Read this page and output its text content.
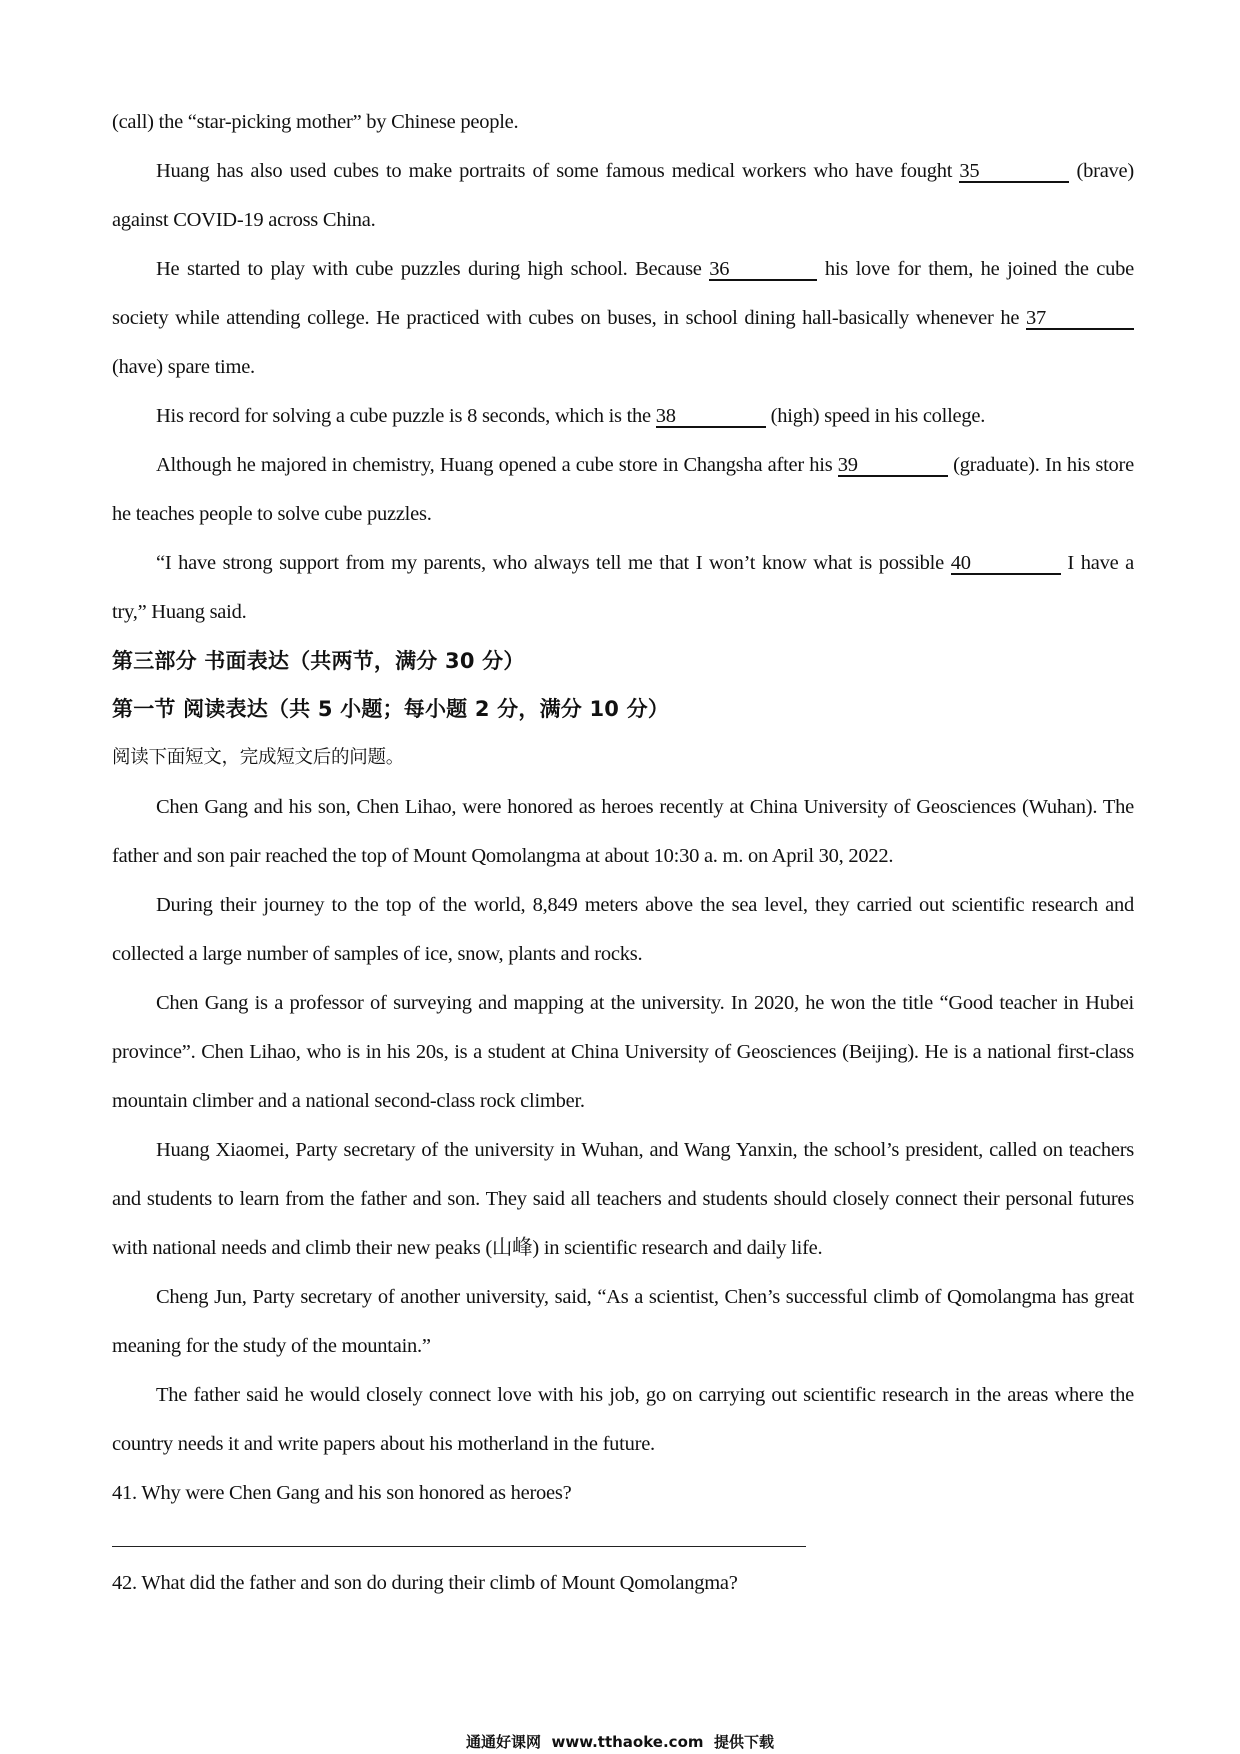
(call) the “star-picking mother” by Chinese people.

Huang has also used cubes to make portraits of some famous medical workers who have fought 35	(brave) against COVID-19 across China.

He started to play with cube puzzles during high school. Because 36	his love for them, he joined the cube society while attending college. He practiced with cubes on buses, in school dining hall-basically whenever he 37 (have) spare time.

His record for solving a cube puzzle is 8 seconds, which is the 38	(high) speed in his college.

Although he majored in chemistry, Huang opened a cube store in Changsha after his 39	(graduate). In his store he teaches people to solve cube puzzles.

“I have strong support from my parents, who always tell me that I won’t know what is possible 40	I have a try,” Huang said.

第三部分 书面表达（共两节，满分 30 分）
第一节 阅读表达（共 5 小题；每小题 2 分，满分 10 分）

阅读下面短文，完成短文后的问题。

Chen Gang and his son, Chen Lihao, were honored as heroes recently at China University of Geosciences (Wuhan). The father and son pair reached the top of Mount Qomolangma at about 10:30 a. m. on April 30, 2022.

During their journey to the top of the world, 8,849 meters above the sea level, they carried out scientific research and collected a large number of samples of ice, snow, plants and rocks.

Chen Gang is a professor of surveying and mapping at the university. In 2020, he won the title “Good teacher in Hubei province”. Chen Lihao, who is in his 20s, is a student at China University of Geosciences (Beijing). He is a national first-class mountain climber and a national second-class rock climber.

Huang Xiaomei, Party secretary of the university in Wuhan, and Wang Yanxin, the school’s president, called on teachers and students to learn from the father and son. They said all teachers and students should closely connect their personal futures with national needs and climb their new peaks (山峰) in scientific research and daily life.

Cheng Jun, Party secretary of another university, said, “As a scientist, Chen’s successful climb of Qomolangma has great meaning for the study of the mountain.”

The father said he would closely connect love with his job, go on carrying out scientific research in the areas where the country needs it and write papers about his motherland in the future.

41. Why were Chen Gang and his son honored as heroes?

42. What did the father and son do during their climb of Mount Qomolangma?

通通好课网  www.tthaoke.com  提供下载
